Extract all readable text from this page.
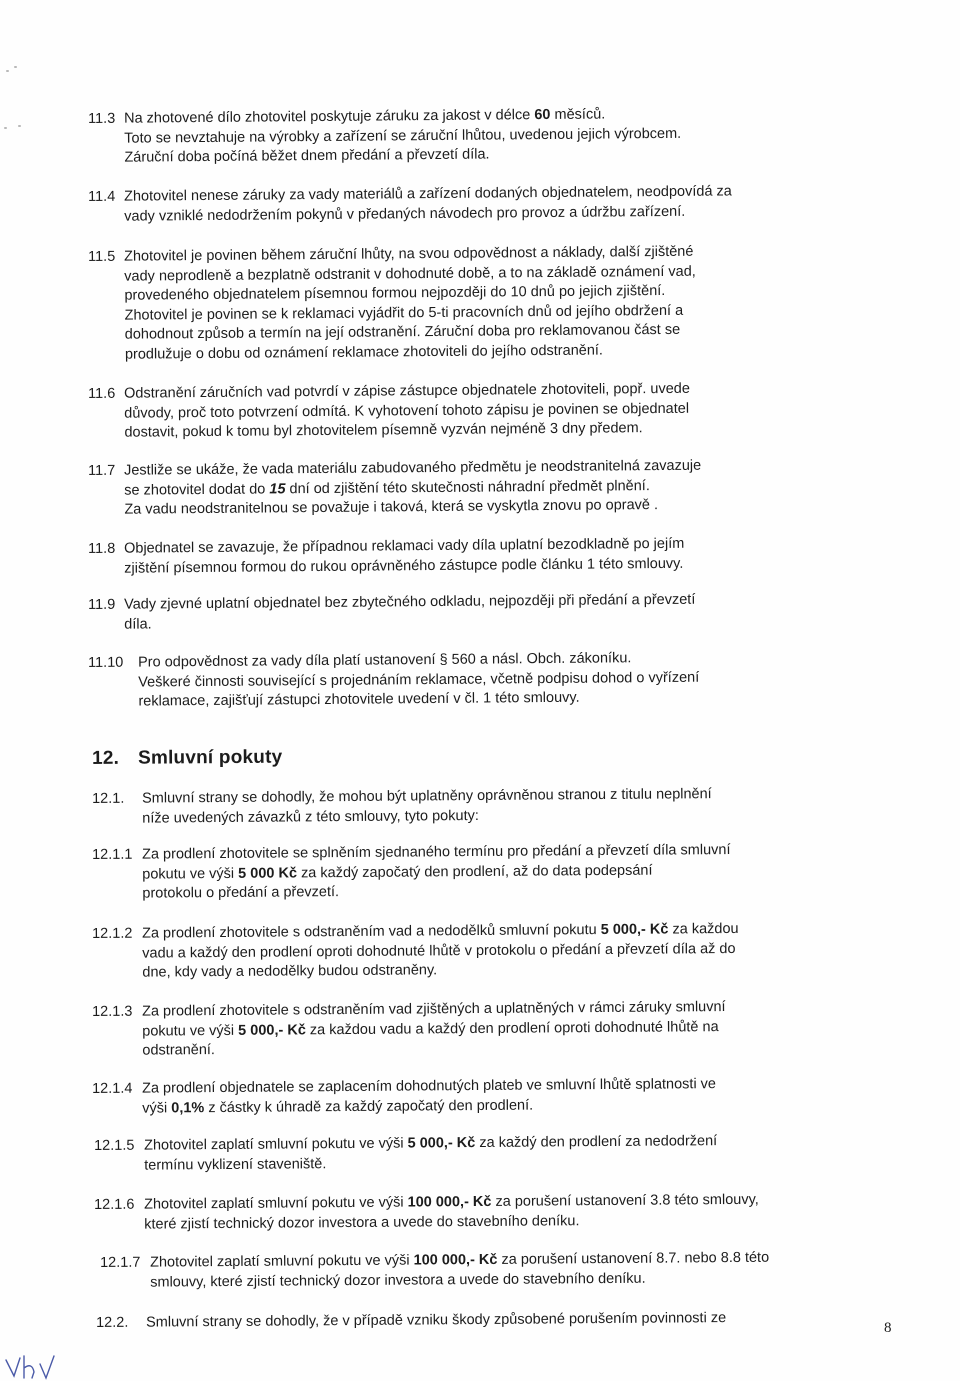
11.3 Na zhotovené dílo zhotovitel poskytuje záruku za jakost v délce 60 měsíců.
Toto se nevztahuje na výrobky a zařízení se záruční lhůtou, uvedenou jejich výrobcem.
Záruční doba počíná běžet dnem předání a převzetí díla.
11.4 Zhotovitel nenese záruky za vady materiálů a zařízení dodaných objednatelem, neodpovídá za
vady vzniklé nedodržením pokynů v předaných návodech pro provoz a údržbu zařízení.
11.5 Zhotovitel je povinen během záruční lhůty, na svou odpovědnost a náklady, další zjištěné
vady neprodleně a bezplatně odstranit v dohodnuté době, a to na základě oznámení vad,
provedeného objednatelem písemnou formou nejpozději do 10 dnů po jejich zjištění.
Zhotovitel je povinen se k reklamaci vyjádřit do 5-ti pracovních dnů od jejího obdržení a
dohodnout způsob a termín na její odstranění. Záruční doba pro reklamovanou část se
prodlužuje o dobu od oznámení reklamace zhotoviteli do jejího odstranění.
11.6 Odstranění záručních vad potvrdí v zápise zástupce objednatele zhotoviteli, popř. uvede
důvody, proč toto potvrzení odmítá. K vyhotovení tohoto zápisu je povinen se objednatel
dostavit, pokud k tomu byl zhotovitelem písemně vyzván nejméně 3 dny předem.
11.7 Jestliže se ukáže, že vada materiálu zabudovaného předmětu je neodstranitelná zavazuje
se zhotovitel dodat do 15 dní od zjištění této skutečnosti náhradní předmět plnění.
Za vadu neodstranitelnou se považuje i taková, která se vyskytla znovu po opravě .
11.8 Objednatel se zavazuje, že případnou reklamaci vady díla uplatní bezodkladně po jejím
zjištění písemnou formou do rukou oprávněného zástupce podle článku 1 této smlouvy.
11.9 Vady zjevné uplatní objednatel bez zbytečného odkladu, nejpozději při předání a převzetí
díla.
11.10 Pro odpovědnost za vady díla platí ustanovení § 560 a násl. Obch. zákoníku.
Veškeré činnosti související s projednáním reklamace, včetně podpisu dohod o vyřízení
reklamace, zajišťují zástupci zhotovitele uvedení v čl. 1 této smlouvy.
12. Smluvní pokuty
12.1. Smluvní strany se dohodly, že mohou být uplatněny oprávněnou stranou z titulu neplnění
níže uvedených závazků z této smlouvy, tyto pokuty:
12.1.1 Za prodlení zhotovitele se splněním sjednaného termínu pro předání a převzetí díla smluvní
pokutu ve výši 5 000 Kč za každý započatý den prodlení, až do data podepsání
protokolu o předání a převzetí.
12.1.2 Za prodlení zhotovitele s odstraněním vad a nedodělků smluvní pokutu 5 000,- Kč za každou
vadu a každý den prodlení oproti dohodnuté lhůtě v protokolu o předání a převzetí díla až do
dne, kdy vady a nedodělky budou odstraněny.
12.1.3 Za prodlení zhotovitele s odstraněním vad zjištěných a uplatněných v rámci záruky smluvní
pokutu ve výši 5 000,- Kč za každou vadu a každý den prodlení oproti dohodnuté lhůtě na
odstranění.
12.1.4 Za prodlení objednatele se zaplacením dohodnutých plateb ve smluvní lhůtě splatnosti ve
výši 0,1% z částky k úhradě za každý započatý den prodlení.
12.1.5 Zhotovitel zaplatí smluvní pokutu ve výši 5 000,- Kč za každý den prodlení za nedodržení
termínu vyklizení staveniště.
12.1.6 Zhotovitel zaplatí smluvní pokutu ve výši 100 000,- Kč za porušení ustanovení 3.8 této smlouvy,
které zjistí technický dozor investora a uvede do stavebního deníku.
12.1.7 Zhotovitel zaplatí smluvní pokutu ve výši 100 000,- Kč za porušení ustanovení 8.7. nebo 8.8 této
smlouvy, které zjistí technický dozor investora a uvede do stavebního deníku.
12.2. Smluvní strany se dohodly, že v případě vzniku škody způsobené porušením povinnosti ze	8
